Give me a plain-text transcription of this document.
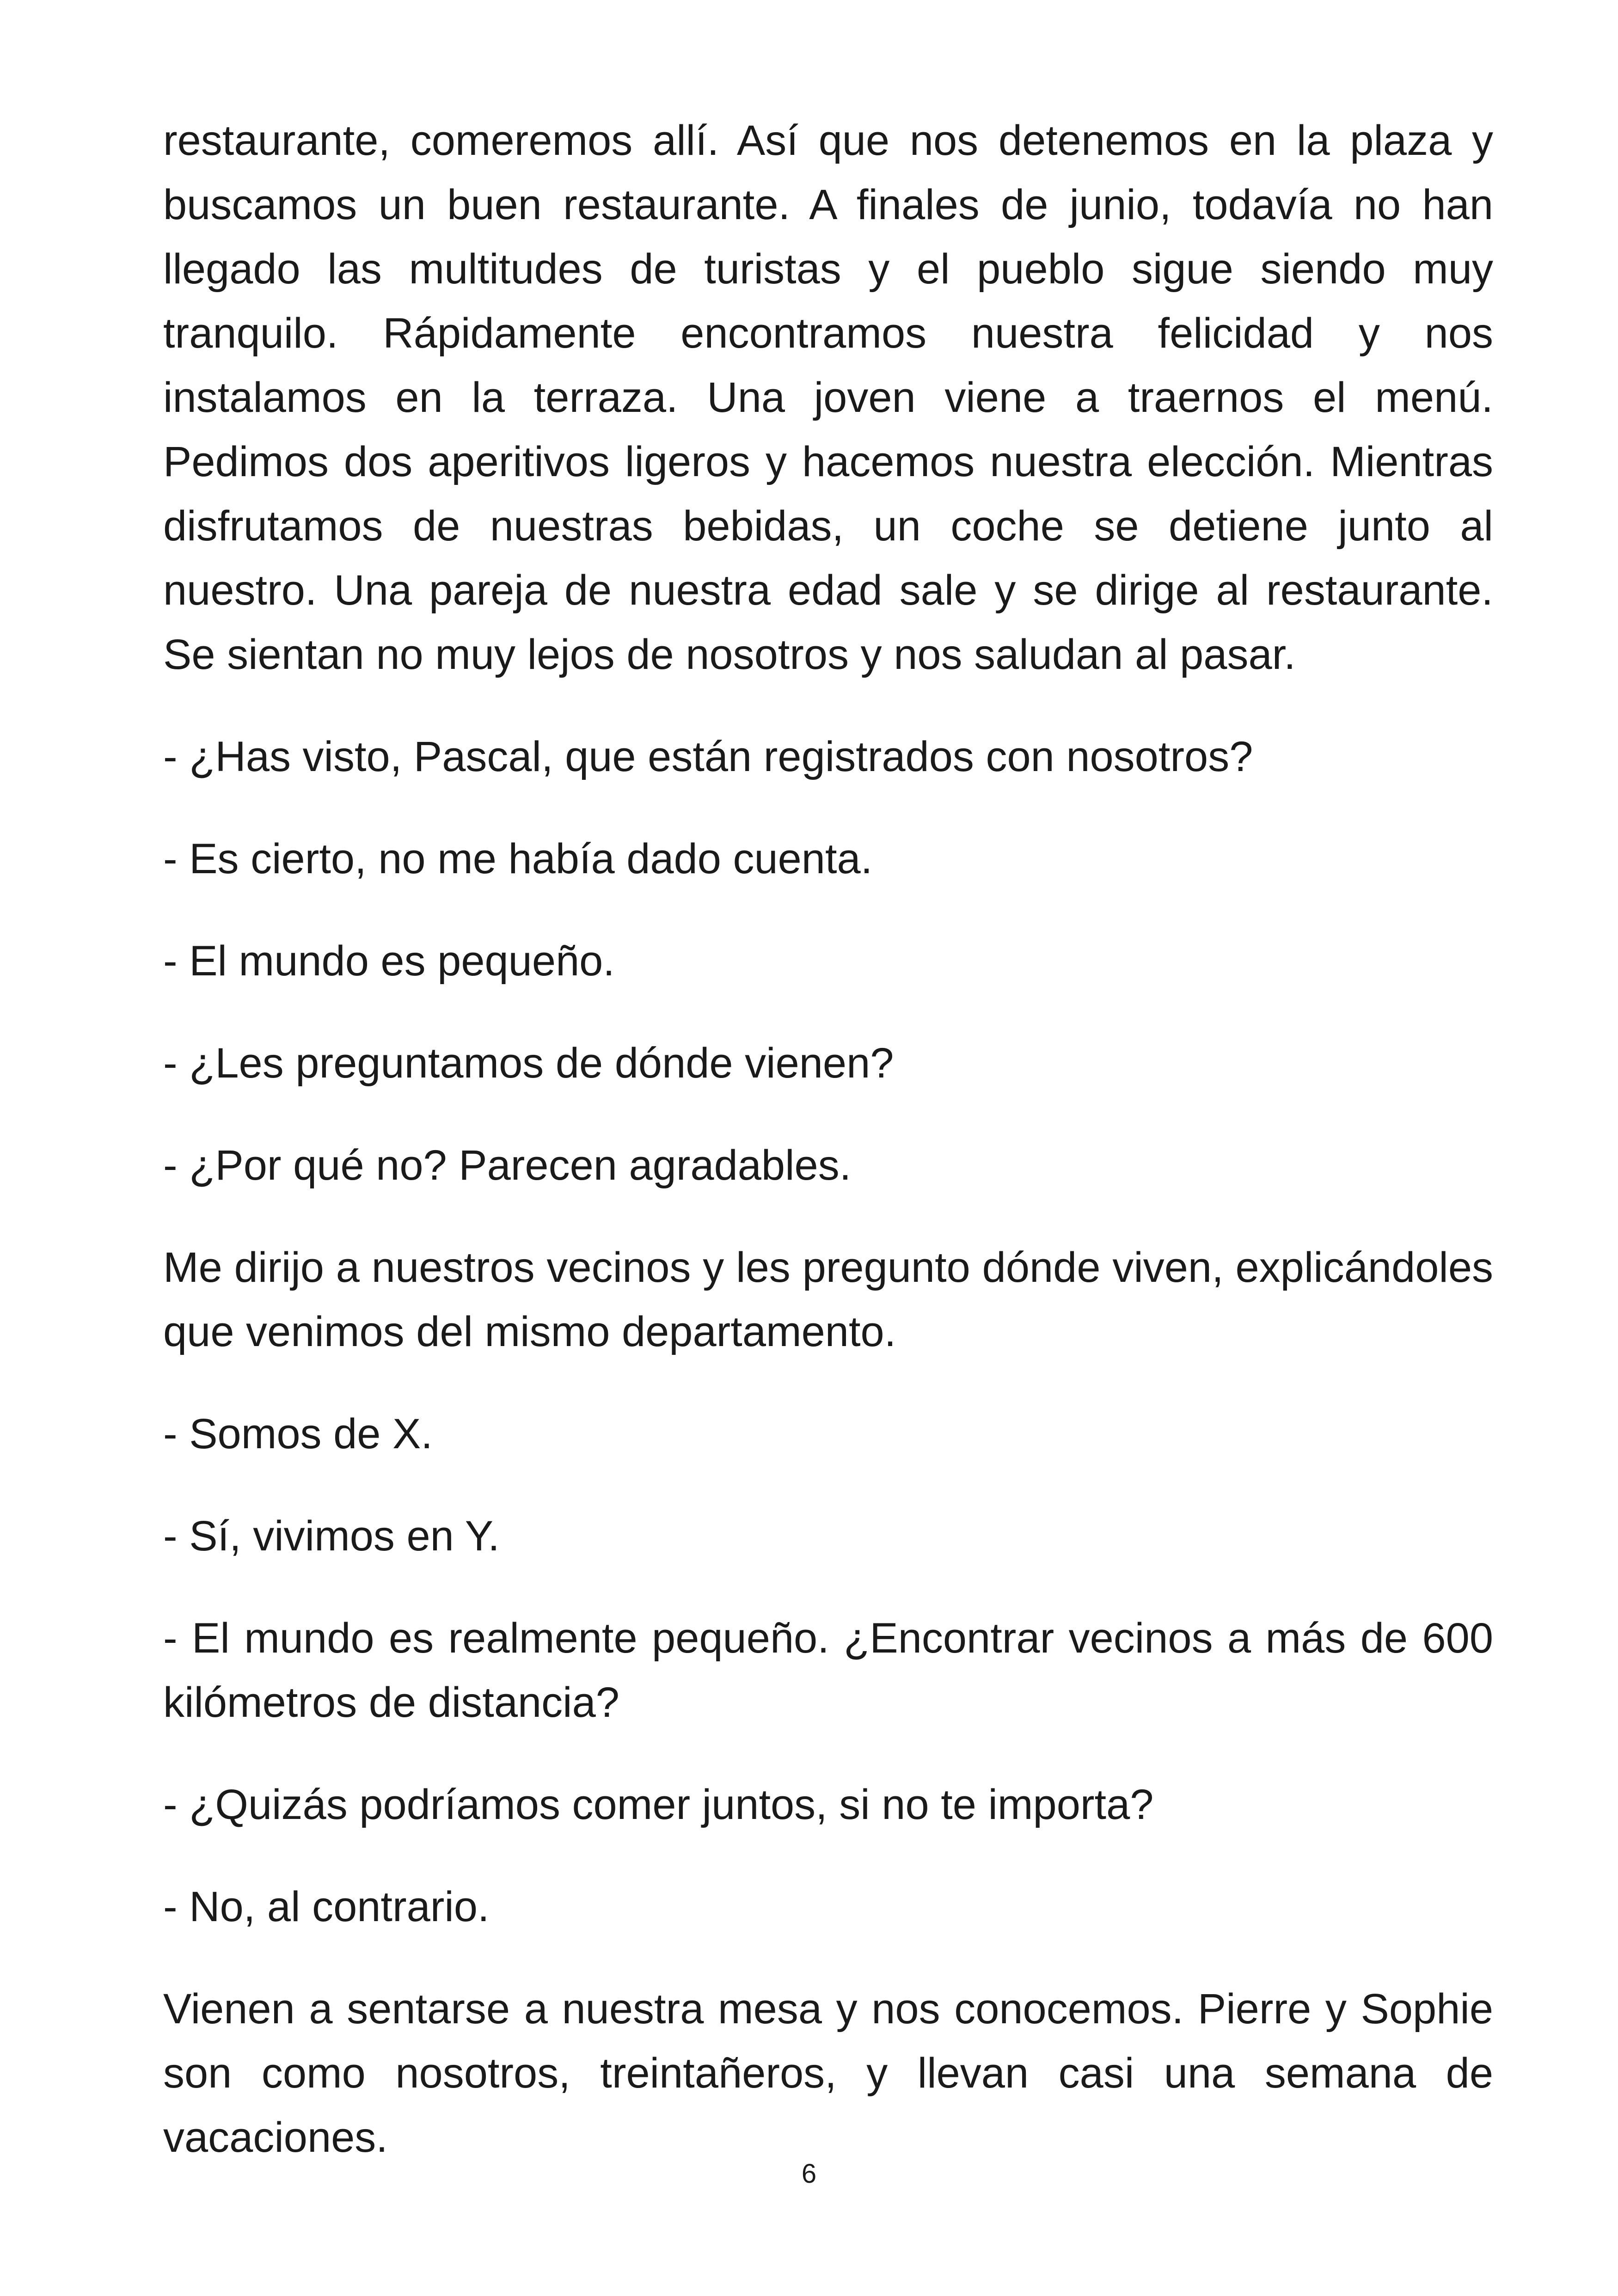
restaurante, comeremos allí. Así que nos detenemos en la plaza y buscamos un buen restaurante. A finales de junio, todavía no han llegado las multitudes de turistas y el pueblo sigue siendo muy tranquilo. Rápidamente encontramos nuestra felicidad y nos instalamos en la terraza. Una joven viene a traernos el menú. Pedimos dos aperitivos ligeros y hacemos nuestra elección. Mientras disfrutamos de nuestras bebidas, un coche se detiene junto al nuestro. Una pareja de nuestra edad sale y se dirige al restaurante. Se sientan no muy lejos de nosotros y nos saludan al pasar.

- ¿Has visto, Pascal, que están registrados con nosotros?

- Es cierto, no me había dado cuenta.

- El mundo es pequeño.

- ¿Les preguntamos de dónde vienen?

- ¿Por qué no? Parecen agradables.

Me dirijo a nuestros vecinos y les pregunto dónde viven, explicándoles que venimos del mismo departamento.

- Somos de X.

- Sí, vivimos en Y.

- El mundo es realmente pequeño. ¿Encontrar vecinos a más de 600 kilómetros de distancia?

- ¿Quizás podríamos comer juntos, si no te importa?

- No, al contrario.

Vienen a sentarse a nuestra mesa y nos conocemos. Pierre y Sophie son como nosotros, treintañeros, y llevan casi una semana de vacaciones.

6
